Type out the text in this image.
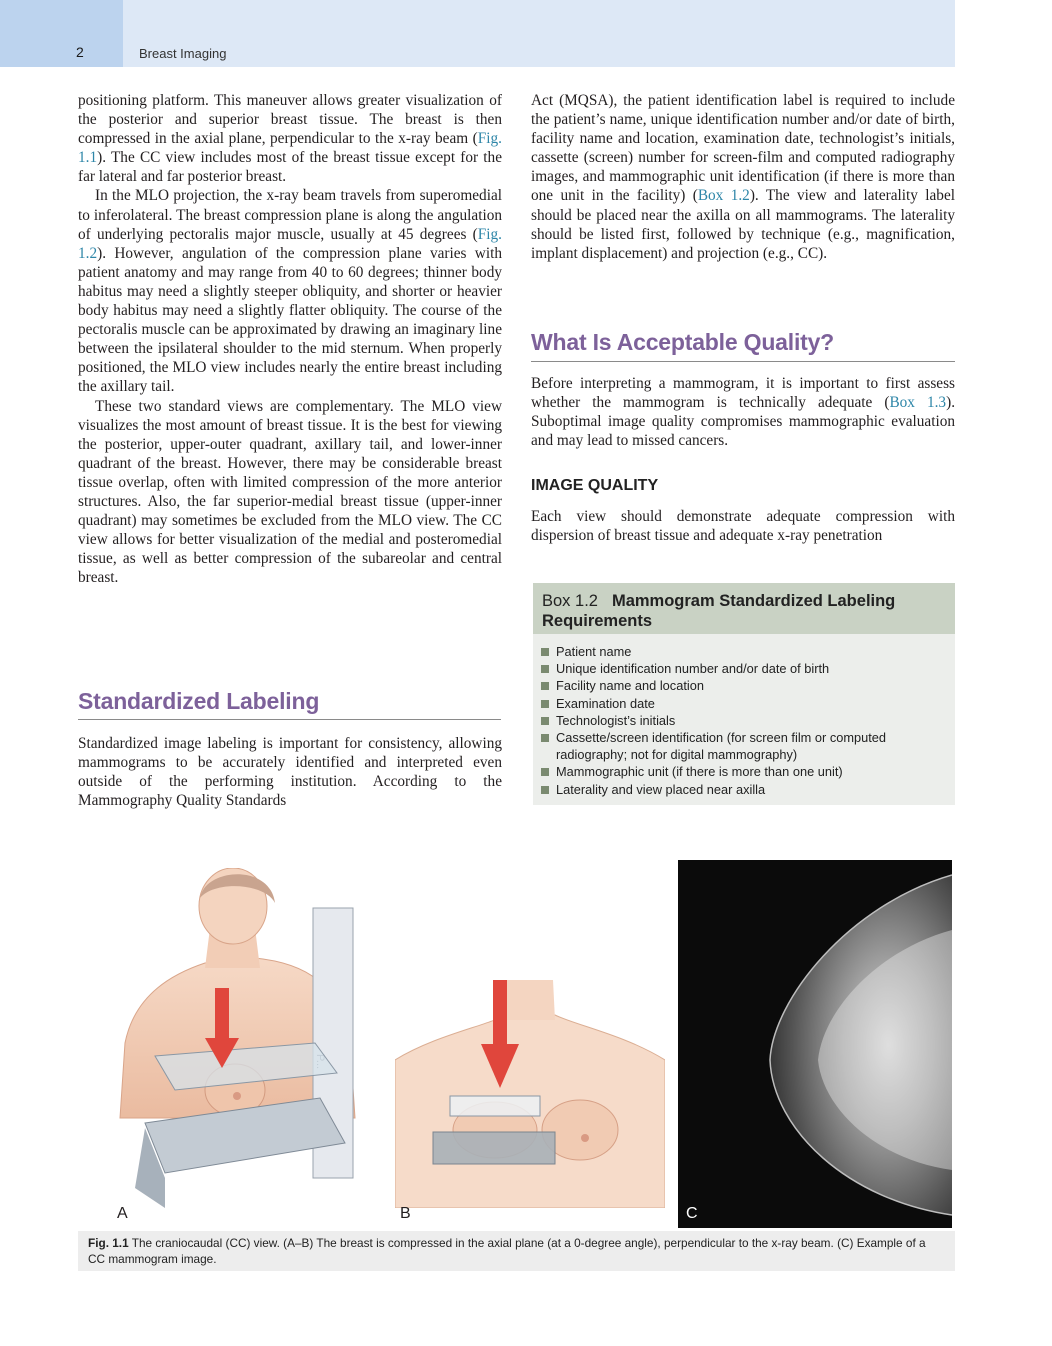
2	Breast Imaging

positioning platform. This maneuver allows greater visualization of the posterior and superior breast tissue. The breast is then compressed in the axial plane, perpendicular to the x-ray beam (Fig. 1.1). The CC view includes most of the breast tissue except for the far lateral and far posterior breast.

In the MLO projection, the x-ray beam travels from superomedial to inferolateral. The breast compression plane is along the angulation of underlying pectoralis major muscle, usually at 45 degrees (Fig. 1.2). However, angulation of the compression plane varies with patient anatomy and may range from 40 to 60 degrees; thinner body habitus may need a slightly steeper obliquity, and shorter or heavier body habitus may need a slightly flatter obliquity. The course of the pectoralis muscle can be approximated by drawing an imaginary line between the ipsilateral shoulder to the mid sternum. When properly positioned, the MLO view includes nearly the entire breast including the axillary tail.

These two standard views are complementary. The MLO view visualizes the most amount of breast tissue. It is the best for viewing the posterior, upper-outer quadrant, axillary tail, and lower-inner quadrant of the breast. However, there may be considerable breast tissue overlap, often with limited compression of the more anterior structures. Also, the far superior-medial breast tissue (upper-inner quadrant) may sometimes be excluded from the MLO view. The CC view allows for better visualization of the medial and posteromedial tissue, as well as better compression of the subareolar and central breast.

Standardized Labeling

Standardized image labeling is important for consistency, allowing mammograms to be accurately identified and interpreted even outside of the performing institution. According to the Mammography Quality Standards

Act (MQSA), the patient identification label is required to include the patient’s name, unique identification number and/or date of birth, facility name and location, examination date, technologist’s initials, cassette (screen) number for screen-film and computed radiography images, and mammographic unit identification (if there is more than one unit in the facility) (Box 1.2). The view and laterality label should be placed near the axilla on all mammograms. The laterality should be listed first, followed by technique (e.g., magnification, implant displacement) and projection (e.g., CC).

What Is Acceptable Quality?

Before interpreting a mammogram, it is important to first assess whether the mammogram is technically adequate (Box 1.3). Suboptimal image quality compromises mammographic evaluation and may lead to missed cancers.

IMAGE QUALITY

Each view should demonstrate adequate compression with dispersion of breast tissue and adequate x-ray penetration

Box 1.2 Mammogram Standardized Labeling Requirements
Patient name
Unique identification number and/or date of birth
Facility name and location
Examination date
Technologist’s initials
Cassette/screen identification (for screen film or computed radiography; not for digital mammography)
Mammographic unit (if there is more than one unit)
Laterality and view placed near axilla
A	B	C

Fig. 1.1 The craniocaudal (CC) view. (A–B) The breast is compressed in the axial plane (at a 0-degree angle), perpendicular to the x-ray beam. (C) Example of a CC mammogram image.
